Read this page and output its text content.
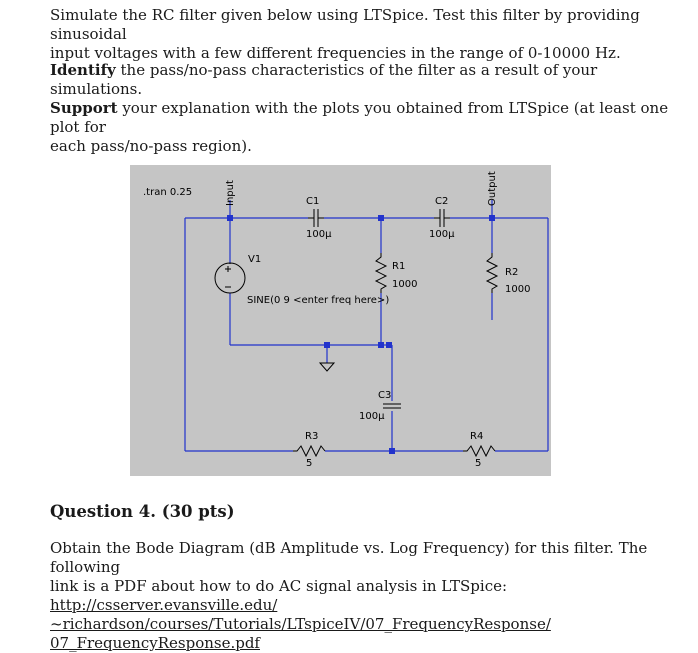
Simulate the RC filter given below using LTSpice. Test this filter by providing sinusoidal
input voltages with a few different frequencies in the range of 0-10000 Hz.

Identify the pass/no-pass characteristics of the filter as a result of your simulations.
Support your explanation with the plots you obtained from LTSpice (at least one plot for
each pass/no-pass region).

Input	Output
.tran 0.25
C1
100µ
C2
100µ
R1
1000
R2
1000
V1
SINE(0 9 <enter freq here>)
C3
100µ
R3
5
R4
5
Question 4. (30 pts)

Obtain the Bode Diagram (dB Amplitude vs. Log Frequency) for this filter. The following
link is a PDF about how to do AC signal analysis in LTSpice: http://csserver.evansville.edu/
~richardson/courses/Tutorials/LTspiceIV/07_FrequencyResponse/
07_FrequencyResponse.pdf
